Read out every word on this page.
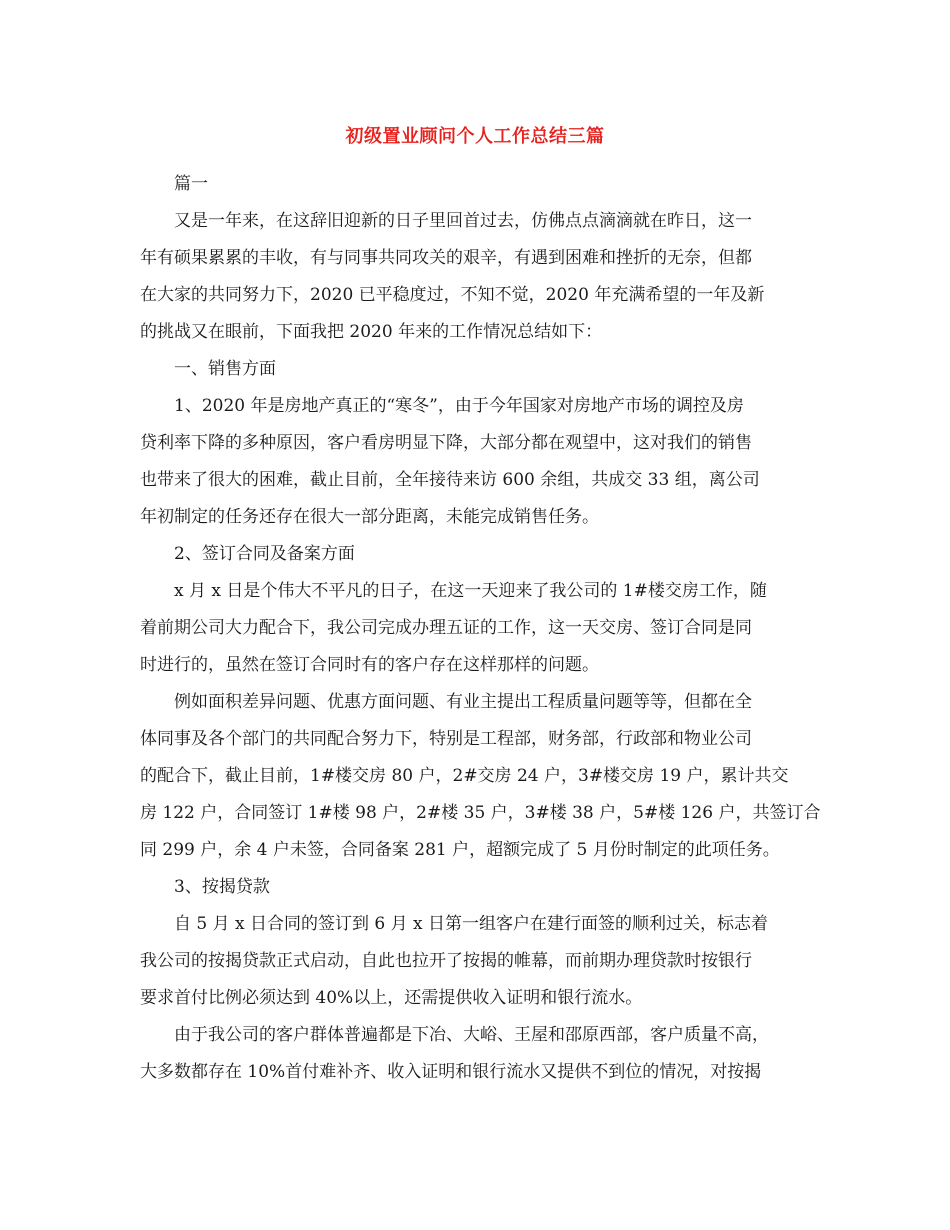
初级置业顾问个人工作总结三篇

篇一

又是一年来，在这辞旧迎新的日子里回首过去，仿佛点点滴滴就在昨日，这一
年有硕果累累的丰收，有与同事共同攻关的艰辛，有遇到困难和挫折的无奈，但都
在大家的共同努力下，2020 已平稳度过，不知不觉，2020 年充满希望的一年及新
的挑战又在眼前，下面我把 2020 年来的工作情况总结如下：

一、销售方面

1、2020 年是房地产真正的“寒冬”，由于今年国家对房地产市场的调控及房
贷利率下降的多种原因，客户看房明显下降，大部分都在观望中，这对我们的销售
也带来了很大的困难，截止目前，全年接待来访 600 余组，共成交 33 组，离公司
年初制定的任务还存在很大一部分距离，未能完成销售任务。

2、签订合同及备案方面

x 月 x 日是个伟大不平凡的日子，在这一天迎来了我公司的 1#楼交房工作，随
着前期公司大力配合下，我公司完成办理五证的工作，这一天交房、签订合同是同
时进行的，虽然在签订合同时有的客户存在这样那样的问题。

例如面积差异问题、优惠方面问题、有业主提出工程质量问题等等，但都在全
体同事及各个部门的共同配合努力下，特别是工程部，财务部，行政部和物业公司
的配合下，截止目前，1#楼交房 80 户，2#交房 24 户，3#楼交房 19 户，累计共交
房 122 户，合同签订 1#楼 98 户，2#楼 35 户，3#楼 38 户，5#楼 126 户，共签订合
同 299 户，余 4 户未签，合同备案 281 户，超额完成了 5 月份时制定的此项任务。

3、按揭贷款

自 5 月 x 日合同的签订到 6 月 x 日第一组客户在建行面签的顺利过关，标志着
我公司的按揭贷款正式启动，自此也拉开了按揭的帷幕，而前期办理贷款时按银行
要求首付比例必须达到 40%以上，还需提供收入证明和银行流水。

由于我公司的客户群体普遍都是下冶、大峪、王屋和邵原西部，客户质量不高，
大多数都存在 10%首付难补齐、收入证明和银行流水又提供不到位的情况，对按揭
